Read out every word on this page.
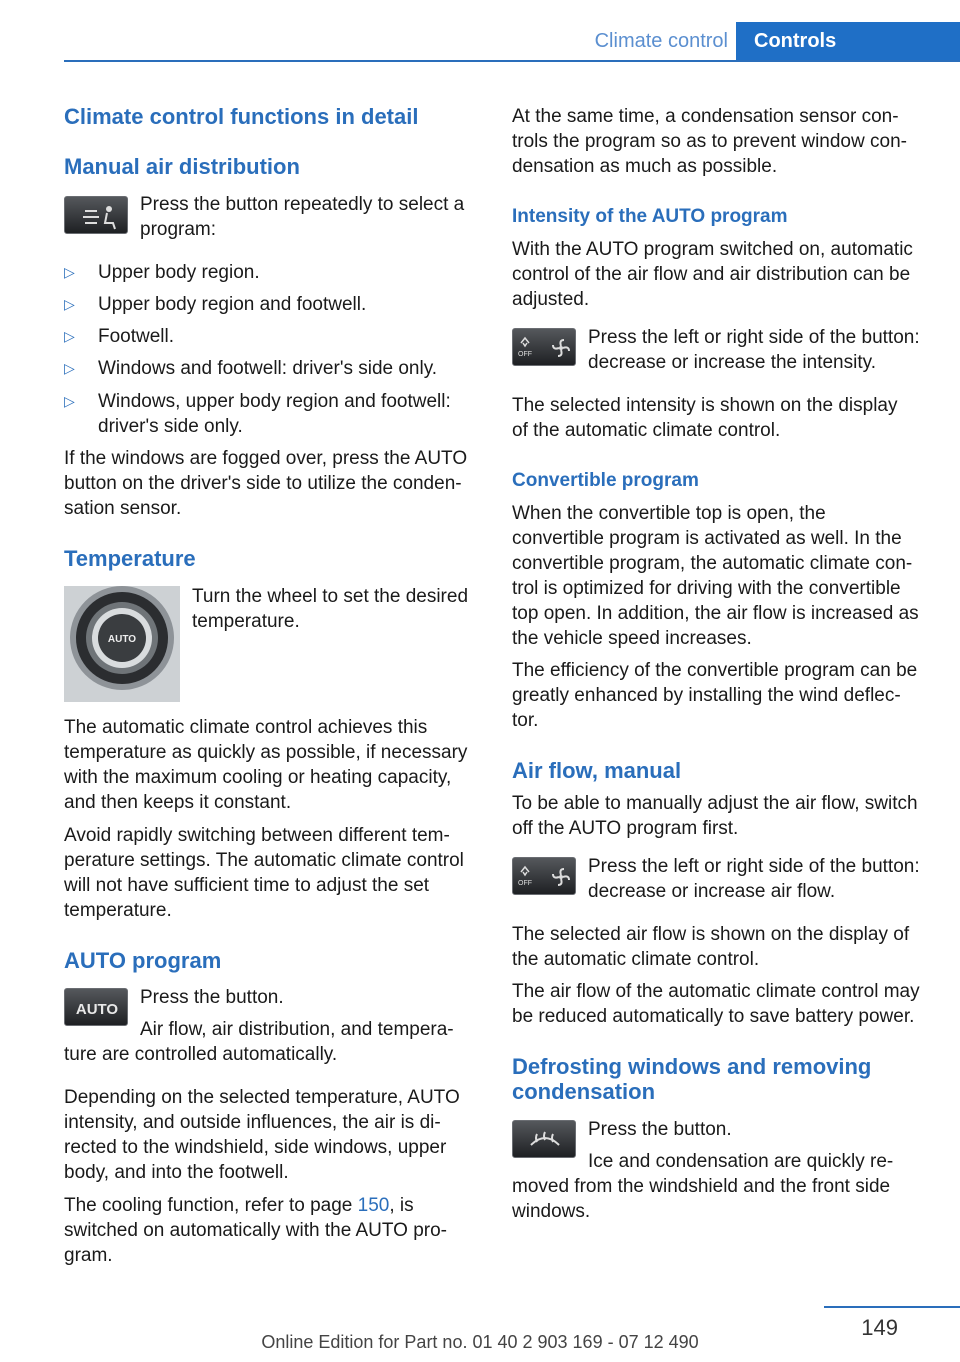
Climate control Controls
Climate control functions in detail
Manual air distribution

Press the button repeatedly to select a

program:

▷	Upper body region.
▷	Upper body region and footwell.
▷	Footwell.
▷	Windows and footwell: driver's side only.
▷	Windows, upper body region and footwell:

driver's side only.

If the windows are fogged over, press the AUTO

button on the driver's side to utilize the conden‐

sation sensor.

Temperature
AUTO

Turn the wheel to set the desired

temperature.

The automatic climate control achieves this

temperature as quickly as possible, if necessary

with the maximum cooling or heating capacity,

and then keeps it constant.

Avoid rapidly switching between different tem‐

perature settings. The automatic climate control

will not have sufficient time to adjust the set

temperature.

AUTO program
AUTO

Press the button.

Air flow, air distribution, and tempera‐

ture are controlled automatically.

Depending on the selected temperature, AUTO

intensity, and outside influences, the air is di‐

rected to the windshield, side windows, upper

body, and into the footwell.

The cooling function, refer to page 150, is

switched on automatically with the AUTO pro‐

gram.

At the same time, a condensation sensor con‐

trols the program so as to prevent window con‐

densation as much as possible.

Intensity of the AUTO program

With the AUTO program switched on, automatic

control of the air flow and air distribution can be

adjusted.

OFF

Press the left or right side of the button:

decrease or increase the intensity.

The selected intensity is shown on the display

of the automatic climate control.

Convertible program

When the convertible top is open, the

convertible program is activated as well. In the

convertible program, the automatic climate con‐

trol is optimized for driving with the convertible

top open. In addition, the air flow is increased as

the vehicle speed increases.

The efficiency of the convertible program can be

greatly enhanced by installing the wind deflec‐

tor.

Air flow, manual

To be able to manually adjust the air flow, switch

off the AUTO program first.

OFF

Press the left or right side of the button:

decrease or increase air flow.

The selected air flow is shown on the display of

the automatic climate control.

The air flow of the automatic climate control may

be reduced automatically to save battery power.

Defrosting windows and removing
condensation

Press the button.

Ice and condensation are quickly re‐

moved from the windshield and the front side

windows.

149
Online Edition for Part no. 01 40 2 903 169 - 07 12 490
